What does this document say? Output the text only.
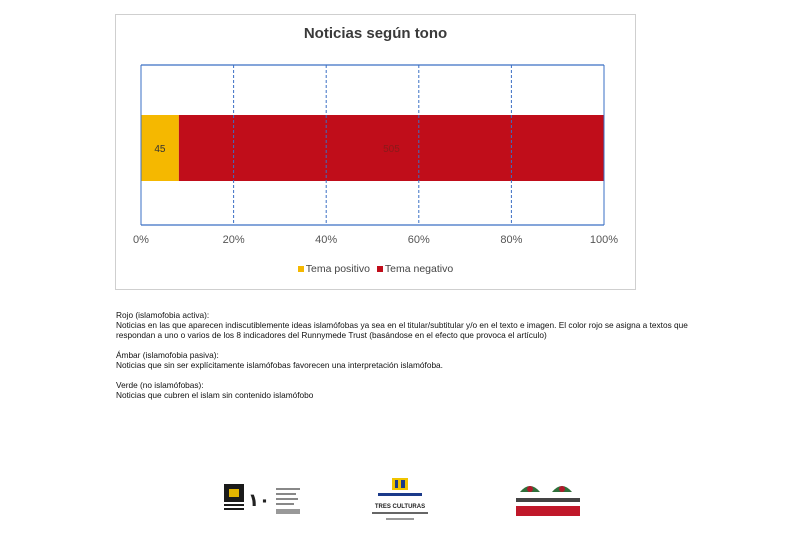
Noticias según tono
45	505
0%	20%	40%	60%	80%	100%
Tema positivo Tema negativo

Rojo (islamofobia activa):

Noticias en las que aparecen indiscutiblemente ideas islamófobas ya sea en el titular/subtitular y/o en el texto e imagen. El color rojo se asigna a textos que respondan a uno o varios de los 8 indicadores del Runnymede Trust (basándose en el efecto que provoca el artículo)

Ámbar (islamofobia pasiva):

Noticias que sin ser explícitamente islamófobas favorecen una interpretación islamófoba.

Verde (no islamófobas):

Noticias que cubren el islam sin contenido islamófobo

١٠	TRES CULTURAS
